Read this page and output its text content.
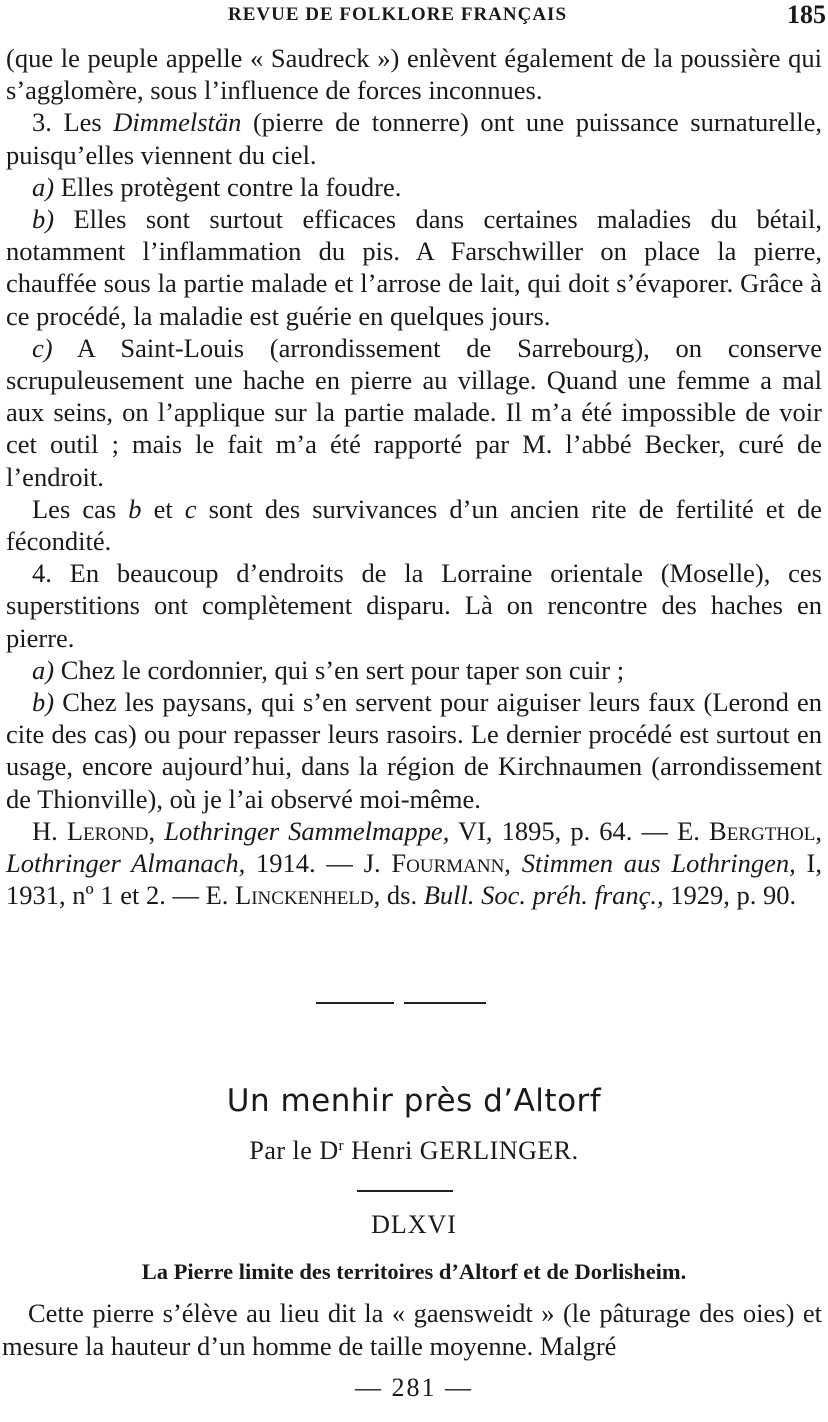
REVUE DE FOLKLORE FRANÇAIS	185

(que le peuple appelle « Saudreck ») enlèvent également de la poussière qui s’agglomère, sous l’influence de forces inconnues.

3. Les Dimmelstän (pierre de tonnerre) ont une puissance surnaturelle, puisqu’elles viennent du ciel.

a) Elles protègent contre la foudre.

b) Elles sont surtout efficaces dans certaines maladies du bétail, notamment l’inflammation du pis. A Farschwiller on place la pierre, chauffée sous la partie malade et l’arrose de lait, qui doit s’évaporer. Grâce à ce procédé, la maladie est guérie en quelques jours.

c) A Saint-Louis (arrondissement de Sarrebourg), on conserve scrupuleusement une hache en pierre au village. Quand une femme a mal aux seins, on l’applique sur la partie malade. Il m’a été impossible de voir cet outil ; mais le fait m’a été rapporté par M. l’abbé Becker, curé de l’endroit.

Les cas b et c sont des survivances d’un ancien rite de fertilité et de fécondité.

4. En beaucoup d’endroits de la Lorraine orientale (Moselle), ces superstitions ont complètement disparu. Là on rencontre des haches en pierre.

a) Chez le cordonnier, qui s’en sert pour taper son cuir ;

b) Chez les paysans, qui s’en servent pour aiguiser leurs faux (Lerond en cite des cas) ou pour repasser leurs rasoirs. Le dernier procédé est surtout en usage, encore aujourd’hui, dans la région de Kirchnaumen (arrondissement de Thionville), où je l’ai observé moi-même.

H. Lerond, Lothringer Sammelmappe, VI, 1895, p. 64. — E. Bergthol, Lothringer Almanach, 1914. — J. Fourmann, Stimmen aus Lothringen, I, 1931, nº 1 et 2. — E. Linckenheld, ds. Bull. Soc. préh. franç., 1929, p. 90.

Un menhir près d’Altorf
Par le $D^r$ Henri GERLINGER.
DLXVI
La Pierre limite des territoires d’Altorf et de Dorlisheim.

Cette pierre s’élève au lieu dit la « gaensweidt » (le pâturage des oies) et mesure la hauteur d’un homme de taille moyenne. Malgré

— 281 —
